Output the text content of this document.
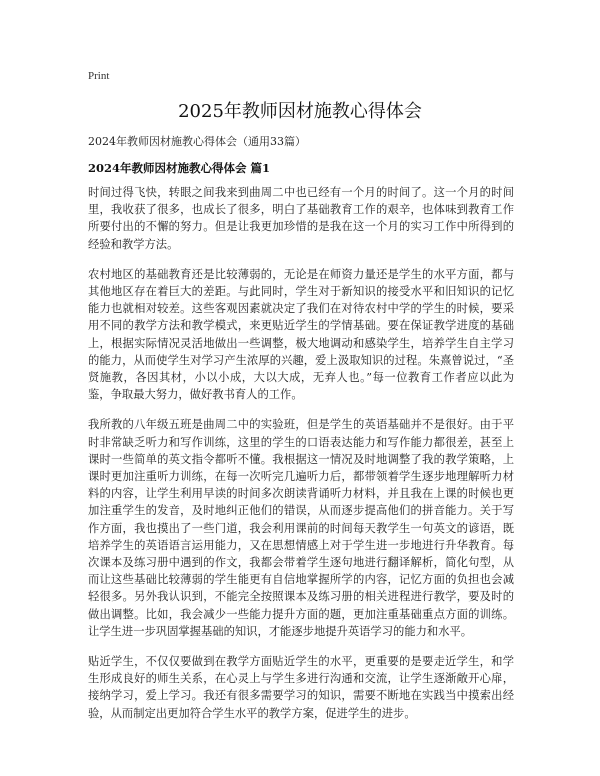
Print
2025年教师因材施教心得体会
2024年教师因材施教心得体会（通用33篇）
2024年教师因材施教心得体会 篇1

时间过得飞快，转眼之间我来到曲周二中也已经有一个月的时间了。这一个月的时间里，我收获了很多，也成长了很多，明白了基础教育工作的艰辛，也体味到教育工作所要付出的不懈的努力。但是让我更加珍惜的是我在这一个月的实习工作中所得到的经验和教学方法。

农村地区的基础教育还是比较薄弱的，无论是在师资力量还是学生的水平方面，都与其他地区存在着巨大的差距。与此同时，学生对于新知识的接受水平和旧知识的记忆能力也就相对较差。这些客观因素就决定了我们在对待农村中学的学生的时候，要采用不同的教学方法和教学模式，来更贴近学生的学情基础。要在保证教学进度的基础上，根据实际情况灵活地做出一些调整，极大地调动和感染学生，培养学生自主学习的能力，从而使学生对学习产生浓厚的兴趣，爱上汲取知识的过程。朱熹曾说过，“圣贤施教，各因其材，小以小成，大以大成，无弃人也。”每一位教育工作者应以此为鉴，争取最大努力，做好教书育人的工作。

我所教的八年级五班是曲周二中的实验班，但是学生的英语基础并不是很好。由于平时非常缺乏听力和写作训练，这里的学生的口语表达能力和写作能力都很差，甚至上课时一些简单的英文指令都听不懂。我根据这一情况及时地调整了我的教学策略，上课时更加注重听力训练，在每一次听完几遍听力后，都带领着学生逐步地理解听力材料的内容，让学生利用早读的时间多次朗读背诵听力材料，并且我在上课的时候也更加注重学生的发音，及时地纠正他们的错误，从而逐步提高他们的拼音能力。关于写作方面，我也摸出了一些门道，我会利用课前的时间每天教学生一句英文的谚语，既培养学生的英语语言运用能力，又在思想情感上对于学生进一步地进行升华教育。每次课本及练习册中遇到的作文，我都会带着学生逐句地进行翻译解析，简化句型，从而让这些基础比较薄弱的学生能更有自信地掌握所学的内容，记忆方面的负担也会减轻很多。另外我认识到，不能完全按照课本及练习册的相关进程进行教学，要及时的做出调整。比如，我会减少一些能力提升方面的题，更加注重基础重点方面的训练。让学生进一步巩固掌握基础的知识，才能逐步地提升英语学习的能力和水平。

贴近学生，不仅仅要做到在教学方面贴近学生的水平，更重要的是要走近学生，和学生形成良好的师生关系，在心灵上与学生多进行沟通和交流，让学生逐渐敞开心扉，接纳学习，爱上学习。我还有很多需要学习的知识，需要不断地在实践当中摸索出经验，从而制定出更加符合学生水平的教学方案，促进学生的进步。
